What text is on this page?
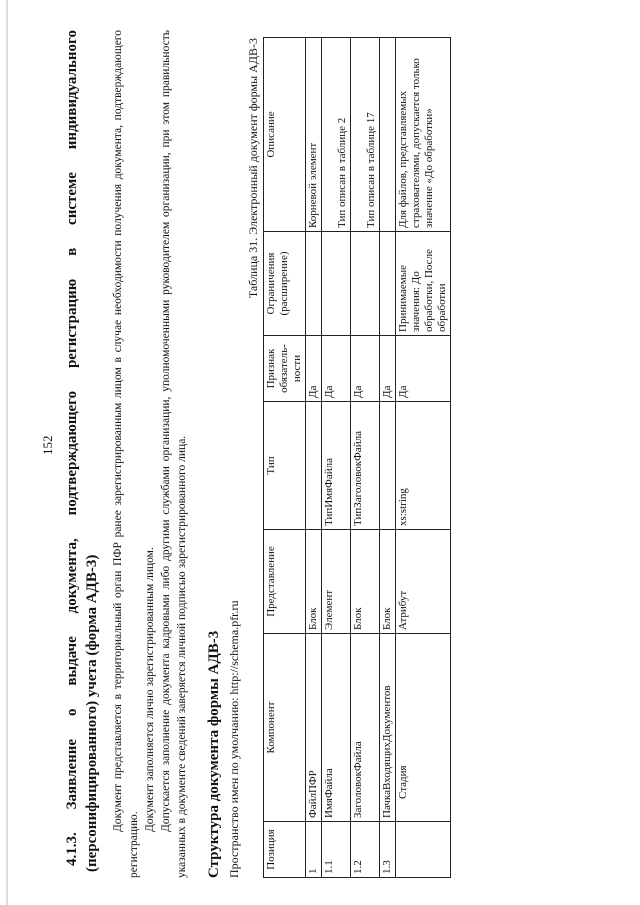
152 4.1.3. Заявление о выдаче документа, подтверждающего регистрацию в системе индивидуального (персонифицированного) учета (форма АДВ-3) Документ представляется в территориальный орган ПФР ранее зарегистрированным лицом в случае необходимости получения документа, подтверждающего регистрацию.

Документ заполняется лично зарегистрированным лицом. Допускается заполнение документа кадровыми либо другими службами организации, уполномоченными руководителем организации, при этом правильность указанных в документе сведений заверяется личной подписью зарегистрированного лица. Структура документа формы АДВ-3 Пространство имен по умолчанию: http://schema.pfr.ru

Таблица 31. Электронный документ формы АДВ-3

Позиция	Компонент	Представление	Тип	Признак обязатель-ности	Ограничения (расширение)	Описание
1	ФайлПФР	Блок		Да		Корневой элемент
1.1	ИмяФайла	Элемент	ТипИмяФайла	Да		Тип описан в таблице 2
1.2	ЗаголовокФайла	Блок	ТипЗаголовокФайла	Да		Тип описан в таблице 17
1.3	ПачкаВходящихДокументов	Блок		Да		
	Стадия	Атрибут	xs:string	Да	Принимаемые значения: До обработки, После обработки	Для файлов, представляемых страхователями, допускается только значение «До обработки»
